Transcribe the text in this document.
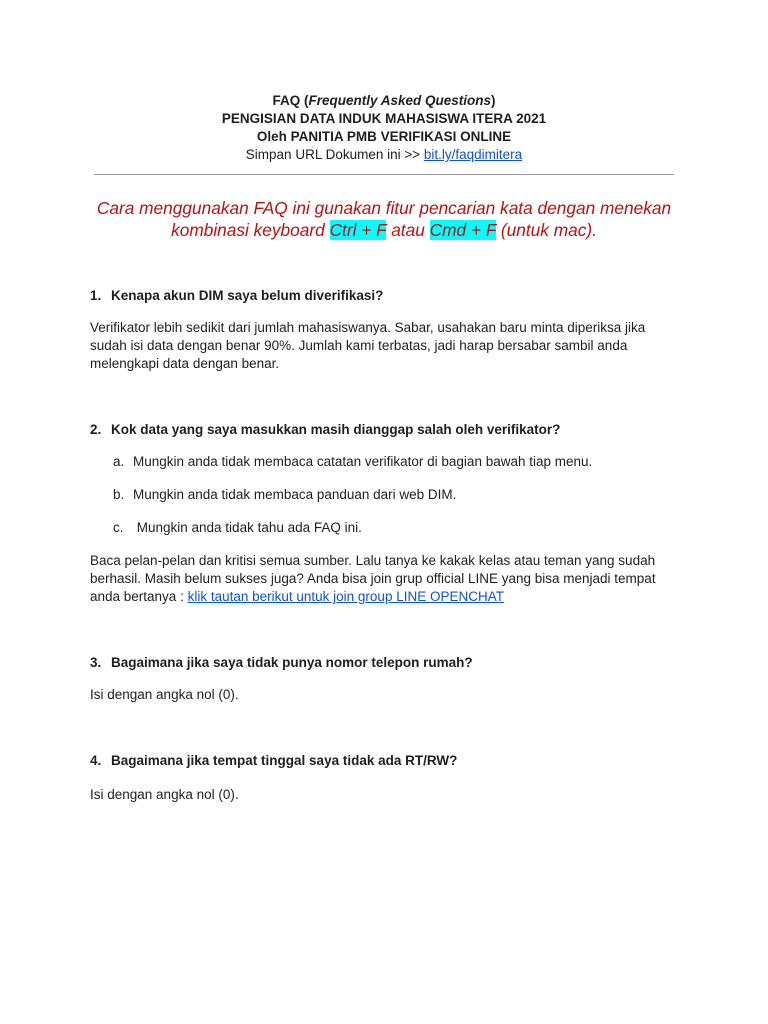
FAQ (Frequently Asked Questions)
PENGISIAN DATA INDUK MAHASISWA ITERA 2021
Oleh PANITIA PMB VERIFIKASI ONLINE
Simpan URL Dokumen ini >> bit.ly/faqdimitera
Cara menggunakan FAQ ini gunakan fitur pencarian kata dengan menekan kombinasi keyboard Ctrl + F atau Cmd + F (untuk mac).
1. Kenapa akun DIM saya belum diverifikasi?
Verifikator lebih sedikit dari jumlah mahasiswanya. Sabar, usahakan baru minta diperiksa jika
sudah isi data dengan benar 90%. Jumlah kami terbatas, jadi harap bersabar sambil anda
melengkapi data dengan benar.
2. Kok data yang saya masukkan masih dianggap salah oleh verifikator?
a. Mungkin anda tidak membaca catatan verifikator di bagian bawah tiap menu.
b. Mungkin anda tidak membaca panduan dari web DIM.
c. Mungkin anda tidak tahu ada FAQ ini.
Baca pelan-pelan dan kritisi semua sumber. Lalu tanya ke kakak kelas atau teman yang sudah
berhasil. Masih belum sukses juga? Anda bisa join grup official LINE yang bisa menjadi tempat
anda bertanya : klik tautan berikut untuk join group LINE OPENCHAT
3. Bagaimana jika saya tidak punya nomor telepon rumah?
Isi dengan angka nol (0).
4. Bagaimana jika tempat tinggal saya tidak ada RT/RW?
Isi dengan angka nol (0).
